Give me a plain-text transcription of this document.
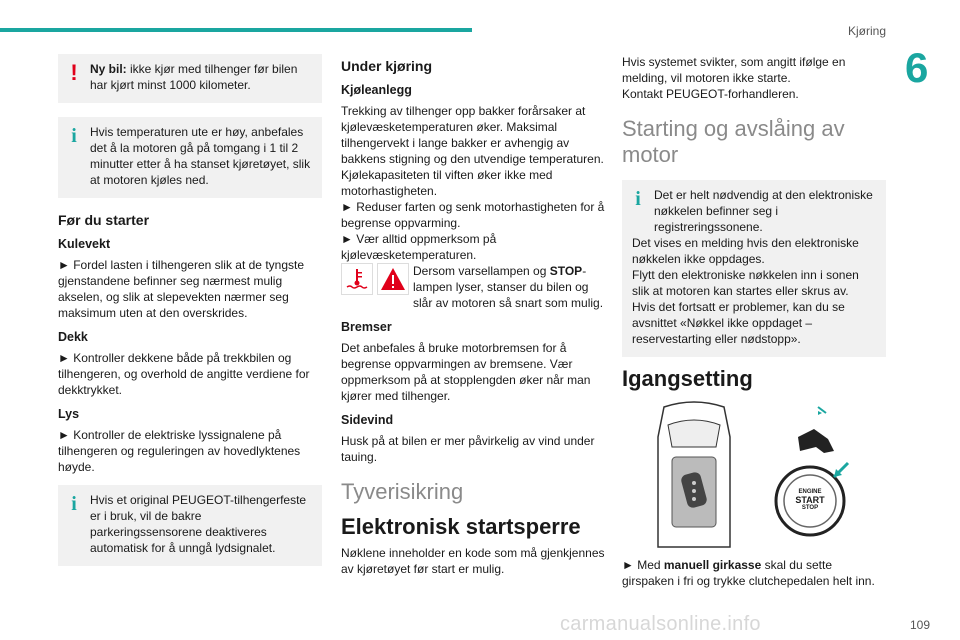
Kjøring
6
!	Ny bil: ikke kjør med tilhenger før bilen har kjørt minst 1000 kilometer.

i	Hvis temperaturen ute er høy, anbefales det å la motoren gå på tomgang i 1 til 2 minutter etter å ha stanset kjøretøyet, slik at motoren kjøles ned.

Før du starter
Kulevekt

► Fordel lasten i tilhengeren slik at de tyngste gjenstandene befinner seg nærmest mulig akselen, og slik at slepevekten nærmer seg maksimum uten at den overskrides.

Dekk

► Kontroller dekkene både på trekkbilen og tilhengeren, og overhold de angitte verdiene for dekktrykket.

Lys

► Kontroller de elektriske lyssignalene på tilhengeren og reguleringen av hovedlyktenes høyde.

i	Hvis et original PEUGEOT-tilhengerfeste er i bruk, vil de bakre parkeringssensorene deaktiveres automatisk for å unngå lydsignalet.

Under kjøring
Kjøleanlegg

Trekking av tilhenger opp bakker forårsaker at kjølevæsketemperaturen øker. Maksimal tilhengervekt i lange bakker er avhengig av bakkens stigning og den utvendige temperaturen. Kjølekapasiteten til viften øker ikke med motorhastigheten.

► Reduser farten og senk motorhastigheten for å begrense oppvarming.

► Vær alltid oppmerksom på kjølevæsketemperaturen.

Dersom varsellampen og STOP-lampen lyser, stanser du bilen og slår av motoren så snart som mulig.

Bremser

Det anbefales å bruke motorbremsen for å begrense oppvarmingen av bremsene. Vær oppmerksom på at stopplengden øker når man kjører med tilhenger.

Sidevind

Husk på at bilen er mer påvirkelig av vind under tauing.

Tyverisikring
Elektronisk startsperre

Nøklene inneholder en kode som må gjenkjennes av kjøretøyet før start er mulig.

Hvis systemet svikter, som angitt ifølge en melding, vil motoren ikke starte.

Kontakt PEUGEOT-forhandleren.

Starting og avslåing av motor
i	Det er helt nødvendig at den elektroniske nøkkelen befinner seg i registreringssonene.

Det vises en melding hvis den elektroniske nøkkelen ikke oppdages.

Flytt den elektroniske nøkkelen inn i sonen slik at motoren kan startes eller skrus av.

Hvis det fortsatt er problemer, kan du se avsnittet «Nøkkel ikke oppdaget – reservestarting eller nødstopp».

Igangsetting
ENGINE
START
STOP

► Med manuell girkasse skal du sette girspaken i fri og trykke clutchepedalen helt inn.

carmanualsonline.info	109
